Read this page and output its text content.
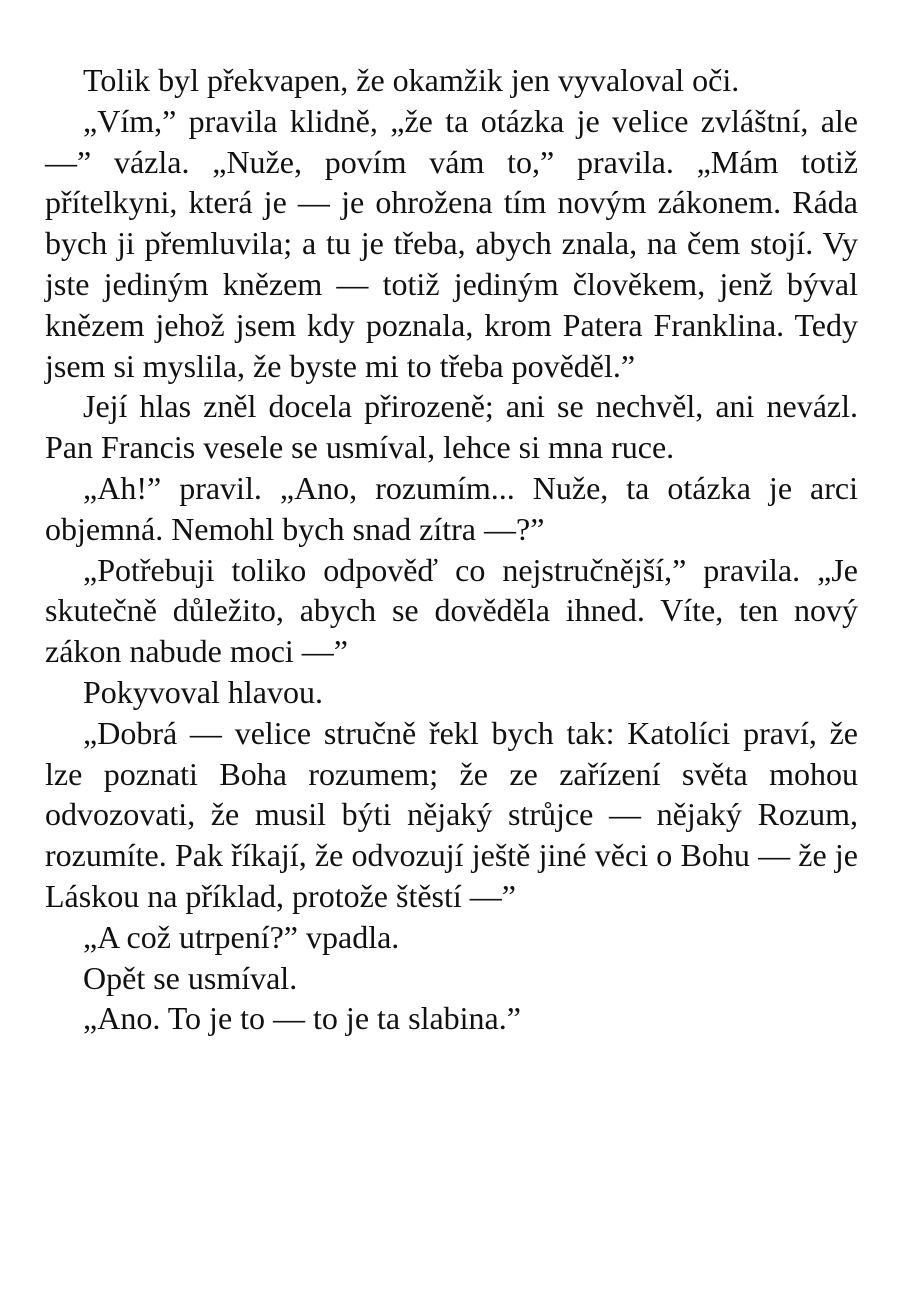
Tolik byl překvapen, že okamžik jen vyvaloval oči.

„Vím,” pravila klidně, „že ta otázka je velice zvláštní, ale —” vázla. „Nuže, povím vám to,” pravila. „Mám totiž přítelkyni, která je — je ohrožena tím novým zákonem. Ráda bych ji přemluvila; a tu je třeba, abych znala, na čem stojí. Vy jste jediným knězem — totiž jediným člověkem, jenž býval knězem jehož jsem kdy poznala, krom Patera Franklina. Tedy jsem si myslila, že byste mi to třeba pověděl.”

Její hlas zněl docela přirozeně; ani se nechvěl, ani nevázl. Pan Francis vesele se usmíval, lehce si mna ruce.

„Ah!” pravil. „Ano, rozumím... Nuže, ta otázka je arci objemná. Nemohl bych snad zítra —?”

„Potřebuji toliko odpověď co nejstručnější,” pravila. „Je skutečně důležito, abych se dověděla ihned. Víte, ten nový zákon nabude moci —”

Pokyvoval hlavou.

„Dobrá — velice stručně řekl bych tak: Katolíci praví, že lze poznati Boha rozumem; že ze zařízení světa mohou odvozovati, že musil býti nějaký strůjce — nějaký Rozum, rozumíte. Pak říkají, že odvozují ještě jiné věci o Bohu — že je Láskou na příklad, protože štěstí —”

„A což utrpení?” vpadla.

Opět se usmíval.

„Ano. To je to — to je ta slabina.”
